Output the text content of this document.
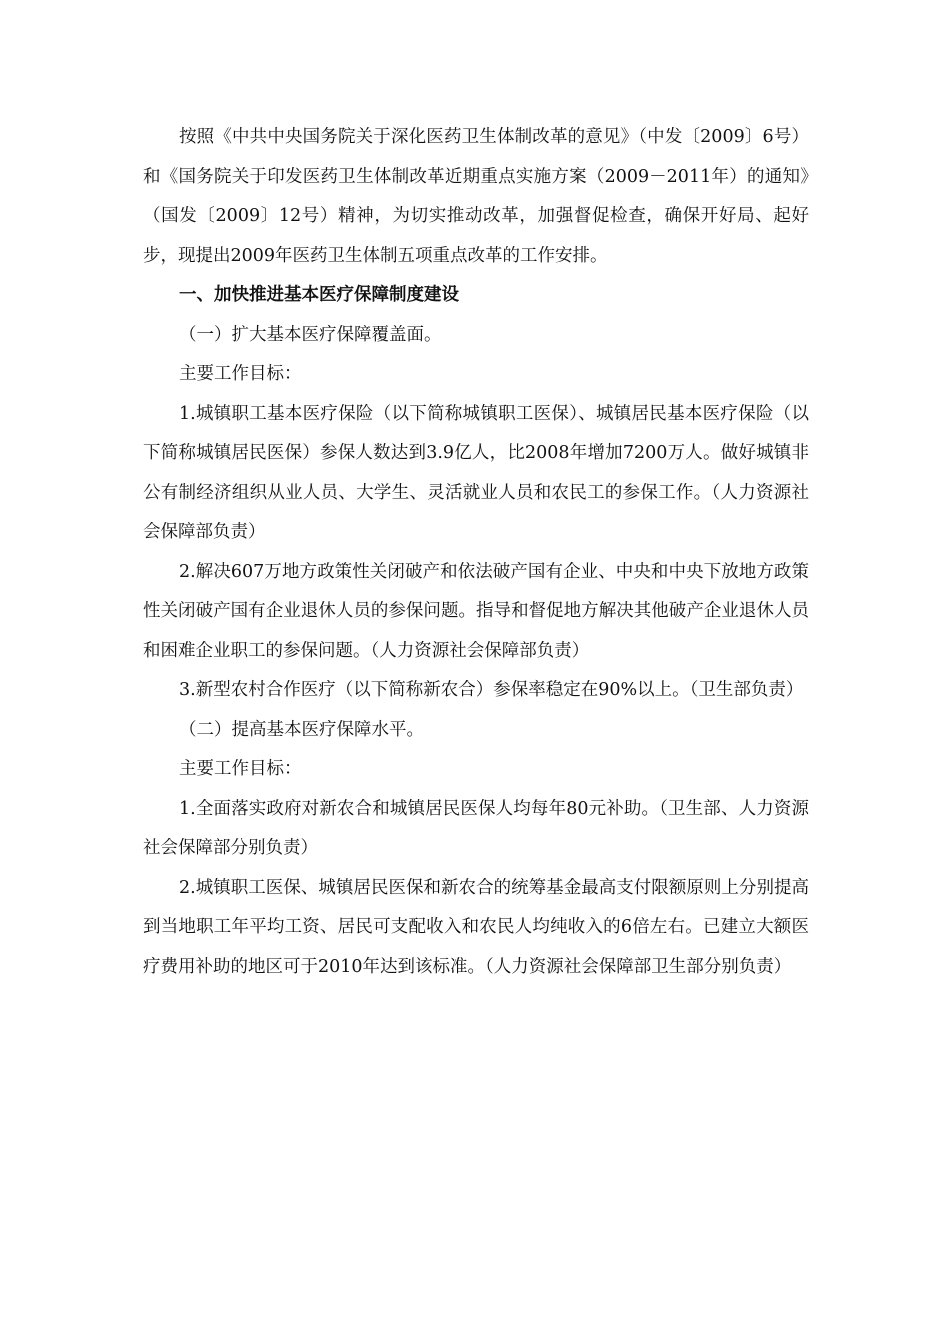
按照《中共中央国务院关于深化医药卫生体制改革的意见》（中发〔2009〕6号）和《国务院关于印发医药卫生体制改革近期重点实施方案（2009－2011年）的通知》（国发〔2009〕12号）精神，为切实推动改革，加强督促检查，确保开好局、起好步，现提出2009年医药卫生体制五项重点改革的工作安排。

一、加快推进基本医疗保障制度建设

（一）扩大基本医疗保障覆盖面。

主要工作目标：

1.城镇职工基本医疗保险（以下简称城镇职工医保）、城镇居民基本医疗保险（以下简称城镇居民医保）参保人数达到3.9亿人，比2008年增加7200万人。做好城镇非公有制经济组织从业人员、大学生、灵活就业人员和农民工的参保工作。（人力资源社会保障部负责）

2.解决607万地方政策性关闭破产和依法破产国有企业、中央和中央下放地方政策性关闭破产国有企业退休人员的参保问题。指导和督促地方解决其他破产企业退休人员和困难企业职工的参保问题。（人力资源社会保障部负责）

3.新型农村合作医疗（以下简称新农合）参保率稳定在90%以上。（卫生部负责）

（二）提高基本医疗保障水平。

主要工作目标：

1.全面落实政府对新农合和城镇居民医保人均每年80元补助。（卫生部、人力资源社会保障部分别负责）

2.城镇职工医保、城镇居民医保和新农合的统筹基金最高支付限额原则上分别提高到当地职工年平均工资、居民可支配收入和农民人均纯收入的6倍左右。已建立大额医疗费用补助的地区可于2010年达到该标准。（人力资源社会保障部卫生部分别负责）
